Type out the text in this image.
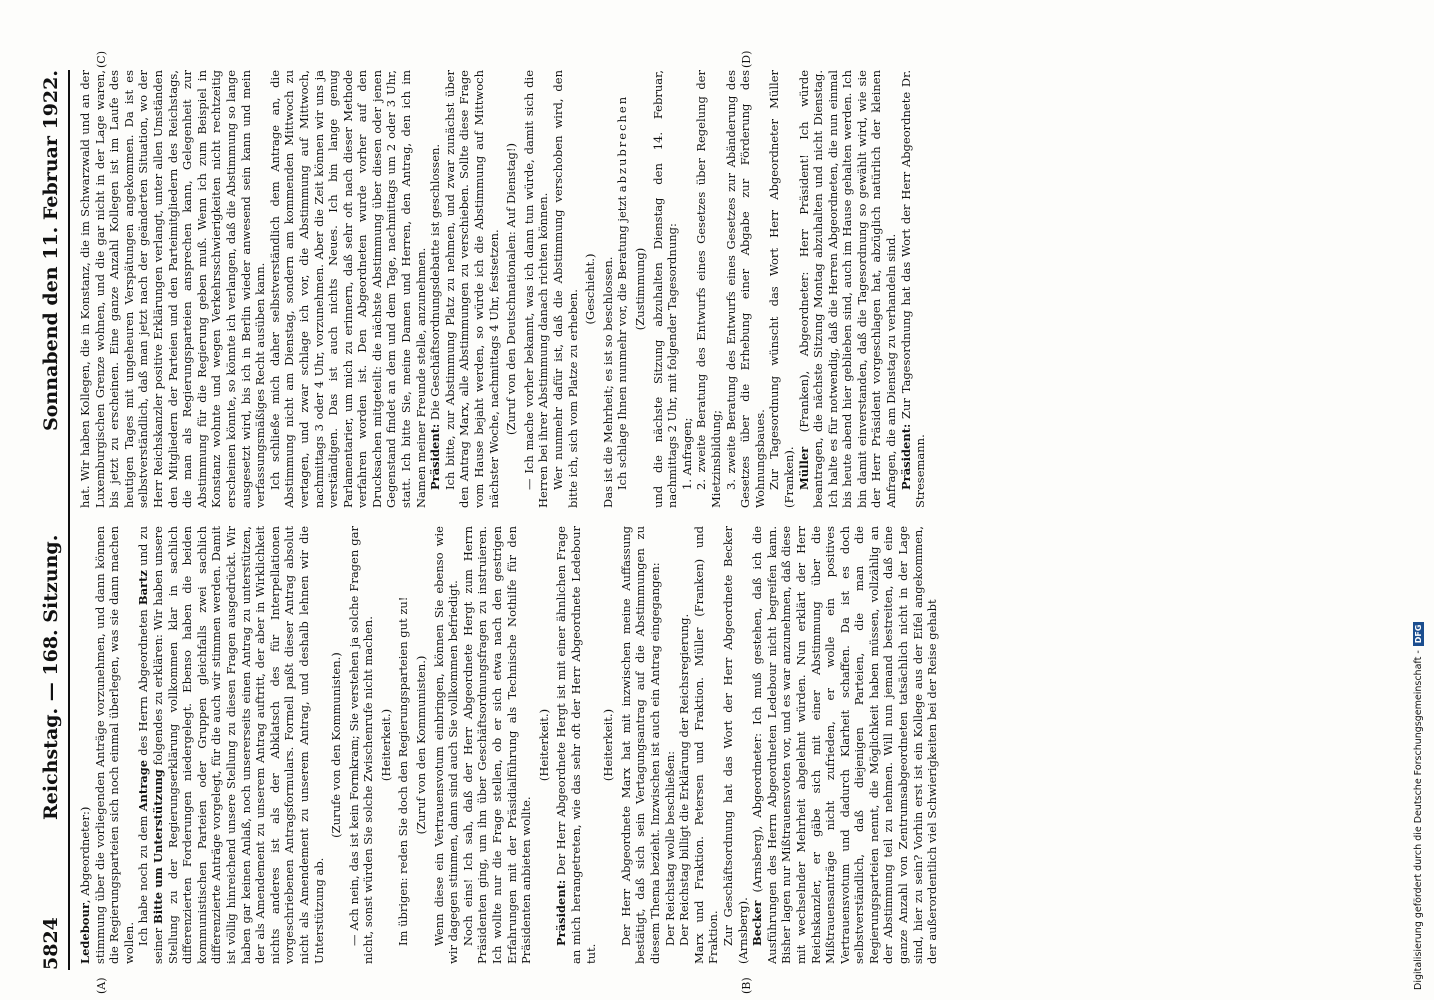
5824
Reichstag. — 168. Sitzung.
Sonnabend den 11. Februar 1922.
(A)	(B)
(C)	(D)

Ledebour, Abgeordneter:) stimmung über die vorliegenden Anträge vorzunehmen, und dann können die Regierungsparteien sich noch einmal überlegen, was sie dann machen wollen. Ich habe noch zu dem Antrage des Herrn Abgeordneten Bartz und zu seiner Bitte um Unterstützung folgendes zu erklären: Wir haben unsere Stellung zu der Regierungserklärung vollkommen klar in sachlich differenzierten Forderungen niedergelegt. Ebenso haben die beiden kommunistischen Parteien oder Gruppen gleichfalls zwei sachlich differenzierte Anträge vorgelegt, für die auch wir stimmen werden. Damit ist völlig hinreichend unsere Stellung zu diesen Fragen ausgedrückt. Wir haben gar keinen Anlaß, noch unsererseits einen Antrag zu unterstützen, der als Amendement zu unserem Antrag auftritt, der aber in Wirklichkeit nichts anderes ist als der Abklatsch des für Interpellationen vorgeschriebenen Antragsformulars. Formell paßt dieser Antrag absolut nicht als Amendement zu unserem Antrag, und deshalb lehnen wir die Unterstützung ab.

(Zurufe von den Kommunisten.) — Ach nein, das ist kein Formkram; Sie verstehen ja solche Fragen gar nicht, sonst würden Sie solche Zwischenrufe nicht machen. (Heiterkeit.) Im übrigen: reden Sie doch den Regierungsparteien gut zu! (Zuruf von den Kommunisten.) Wenn diese ein Vertrauensvotum einbringen, können Sie ebenso wie wir dagegen stimmen, dann sind auch Sie vollkommen befriedigt. Noch eins! Ich sah, daß der Herr Abgeordnete Hergt zum Herrn Präsidenten ging, um ihn über Geschäftsordnungsfragen zu instruieren. Ich wollte nur die Frage stellen, ob er sich etwa nach den gestrigen Erfahrungen mit der Präsidialführung als Technische Nothilfe für den Präsidenten anbieten wollte.

(Heiterkeit.)

Präsident: Der Herr Abgeordnete Hergt ist mit einer ähnlichen Frage an mich herangetreten, wie das sehr oft der Herr Abgeordnete Ledebour tut.

(Heiterkeit.) Der Herr Abgeordnete Marx hat mit inzwischen meine Auffassung bestätigt, daß sich sein Vertagungsantrag auf die Abstimmungen zu diesem Thema bezieht. Inzwischen ist auch ein Antrag eingegangen: Der Reichstag wolle beschließen: Der Reichstag billigt die Erklärung der Reichsregierung. Marx und Fraktion. Petersen und Fraktion. Müller (Franken) und Fraktion. Zur Geschäftsordnung hat das Wort der Herr Abgeordnete Becker (Arnsberg). Becker (Arnsberg), Abgeordneter: Ich muß gestehen, daß ich die Ausführungen des Herrn Abgeordneten Ledebour nicht begreifen kann. Bisher lagen nur Mißtrauensvoten vor, und es war anzunehmen, daß diese mit wechselnder Mehrheit abgelehnt würden. Nun erklärt der Herr Reichskanzler, er gäbe sich mit einer Abstimmung über die Mißtrauensanträge nicht zufrieden, er wolle ein positives Vertrauensvotum und dadurch Klarheit schaffen. Da ist es doch selbstverständlich, daß diejenigen Parteien, die man die Regierungsparteien nennt, die Möglichkeit haben müssen, vollzählig an der Abstimmung teil zu nehmen. Will nun jemand bestreiten, daß eine ganze Anzahl von Zentrumsabgeordneten tatsächlich nicht in der Lage sind, hier zu sein? Vorhin erst ist ein Kollege aus der Eifel angekommen, der außerordentlich viel Schwierigkeiten bei der Reise gehabt

hat. Wir haben Kollegen, die in Konstanz, die im Schwarzwald und an der Luxemburgischen Grenze wohnen, und die gar nicht in der Lage waren, bis jetzt zu erscheinen. Eine ganze Anzahl Kollegen ist im Laufe des heutigen Tages mit ungeheuren Verspätungen angekommen. Da ist es selbstverständlich, daß man jetzt nach der geänderten Situation, wo der Herr Reichskanzler positive Erklärungen verlangt, unter allen Umständen den Mitgliedern der Parteien und den Parteimitgliedern des Reichstags, die man als Regierungsparteien ansprechen kann, Gelegenheit zur Abstimmung für die Regierung geben muß. Wenn ich zum Beispiel in Konstanz wohnte und wegen Verkehrsschwierigkeiten nicht rechtzeitig erscheinen könnte, so könnte ich verlangen, daß die Abstimmung so lange ausgesetzt wird, bis ich in Berlin wieder anwesend sein kann und mein verfassungsmäßiges Recht ausüben kann. Ich schließe mich daher selbstverständlich dem Antrage an, die Abstimmung nicht am Dienstag, sondern am kommenden Mittwoch zu vertagen, und zwar schlage ich vor, die Abstimmung auf Mittwoch, nachmittags 3 oder 4 Uhr, vorzunehmen. Aber die Zeit können wir uns ja verständigen. Das ist auch nichts Neues. Ich bin lange genug Parlamentarier, um mich zu erinnern, daß sehr oft nach dieser Methode verfahren worden ist. Den Abgeordneten wurde vorher auf den Drucksachen mitgeteilt: die nächste Abstimmung über diesen oder jenen Gegenstand findet an dem und dem Tage, nachmittags um 2 oder 3 Uhr, statt. Ich bitte Sie, meine Damen und Herren, den Antrag, den ich im Namen meiner Freunde stelle, anzunehmen. Präsident: Die Geschäftsordnungsdebatte ist geschlossen. Ich bitte, zur Abstimmung Platz zu nehmen, und zwar zunächst über den Antrag Marx, alle Abstimmungen zu verschieben. Sollte diese Frage vom Hause bejaht werden, so würde ich die Abstimmung auf Mittwoch nächster Woche, nachmittags 4 Uhr, festsetzen. (Zuruf von den Deutschnationalen: Auf Dienstag!) — Ich mache vorher bekannt, was ich dann tun würde, damit sich die Herren bei ihrer Abstimmung danach richten können. Wer nunmehr dafür ist, daß die Abstimmung verschoben wird, den bitte ich, sich vom Platze zu erheben.

(Geschieht.) Das ist die Mehrheit; es ist so beschlossen. Ich schlage Ihnen nunmehr vor, die Beratung jetzt abzubrechen

(Zustimmung) und die nächste Sitzung abzuhalten Dienstag den 14. Februar, nachmittags 2 Uhr, mit folgender Tagesordnung: 1. Anfragen; 2. zweite Beratung des Entwurfs eines Gesetzes über Regelung der Mietzinsbildung; 3. zweite Beratung des Entwurfs eines Gesetzes zur Abänderung des Gesetzes über die Erhebung einer Abgabe zur Förderung des Wohnungsbaues. Zur Tagesordnung wünscht das Wort Herr Abgeordneter Müller (Franken). Müller (Franken), Abgeordneter: Herr Präsident! Ich würde beantragen, die nächste Sitzung Montag abzuhalten und nicht Dienstag. Ich halte es für notwendig, daß die Herren Abgeordneten, die nun einmal bis heute abend hier geblieben sind, auch im Hause gehalten werden. Ich bin damit einverstanden, daß die Tagesordnung so gewählt wird, wie sie der Herr Präsident vorgeschlagen hat, abzüglich natürlich der kleinen Anfragen, die am Dienstag zu verhandeln sind. Präsident: Zur Tagesordnung hat das Wort der Herr Abgeordnete Dr. Stresemann.

Digitalisierung gefördert durch die Deutsche Forschungsgemeinschaft -DFG
